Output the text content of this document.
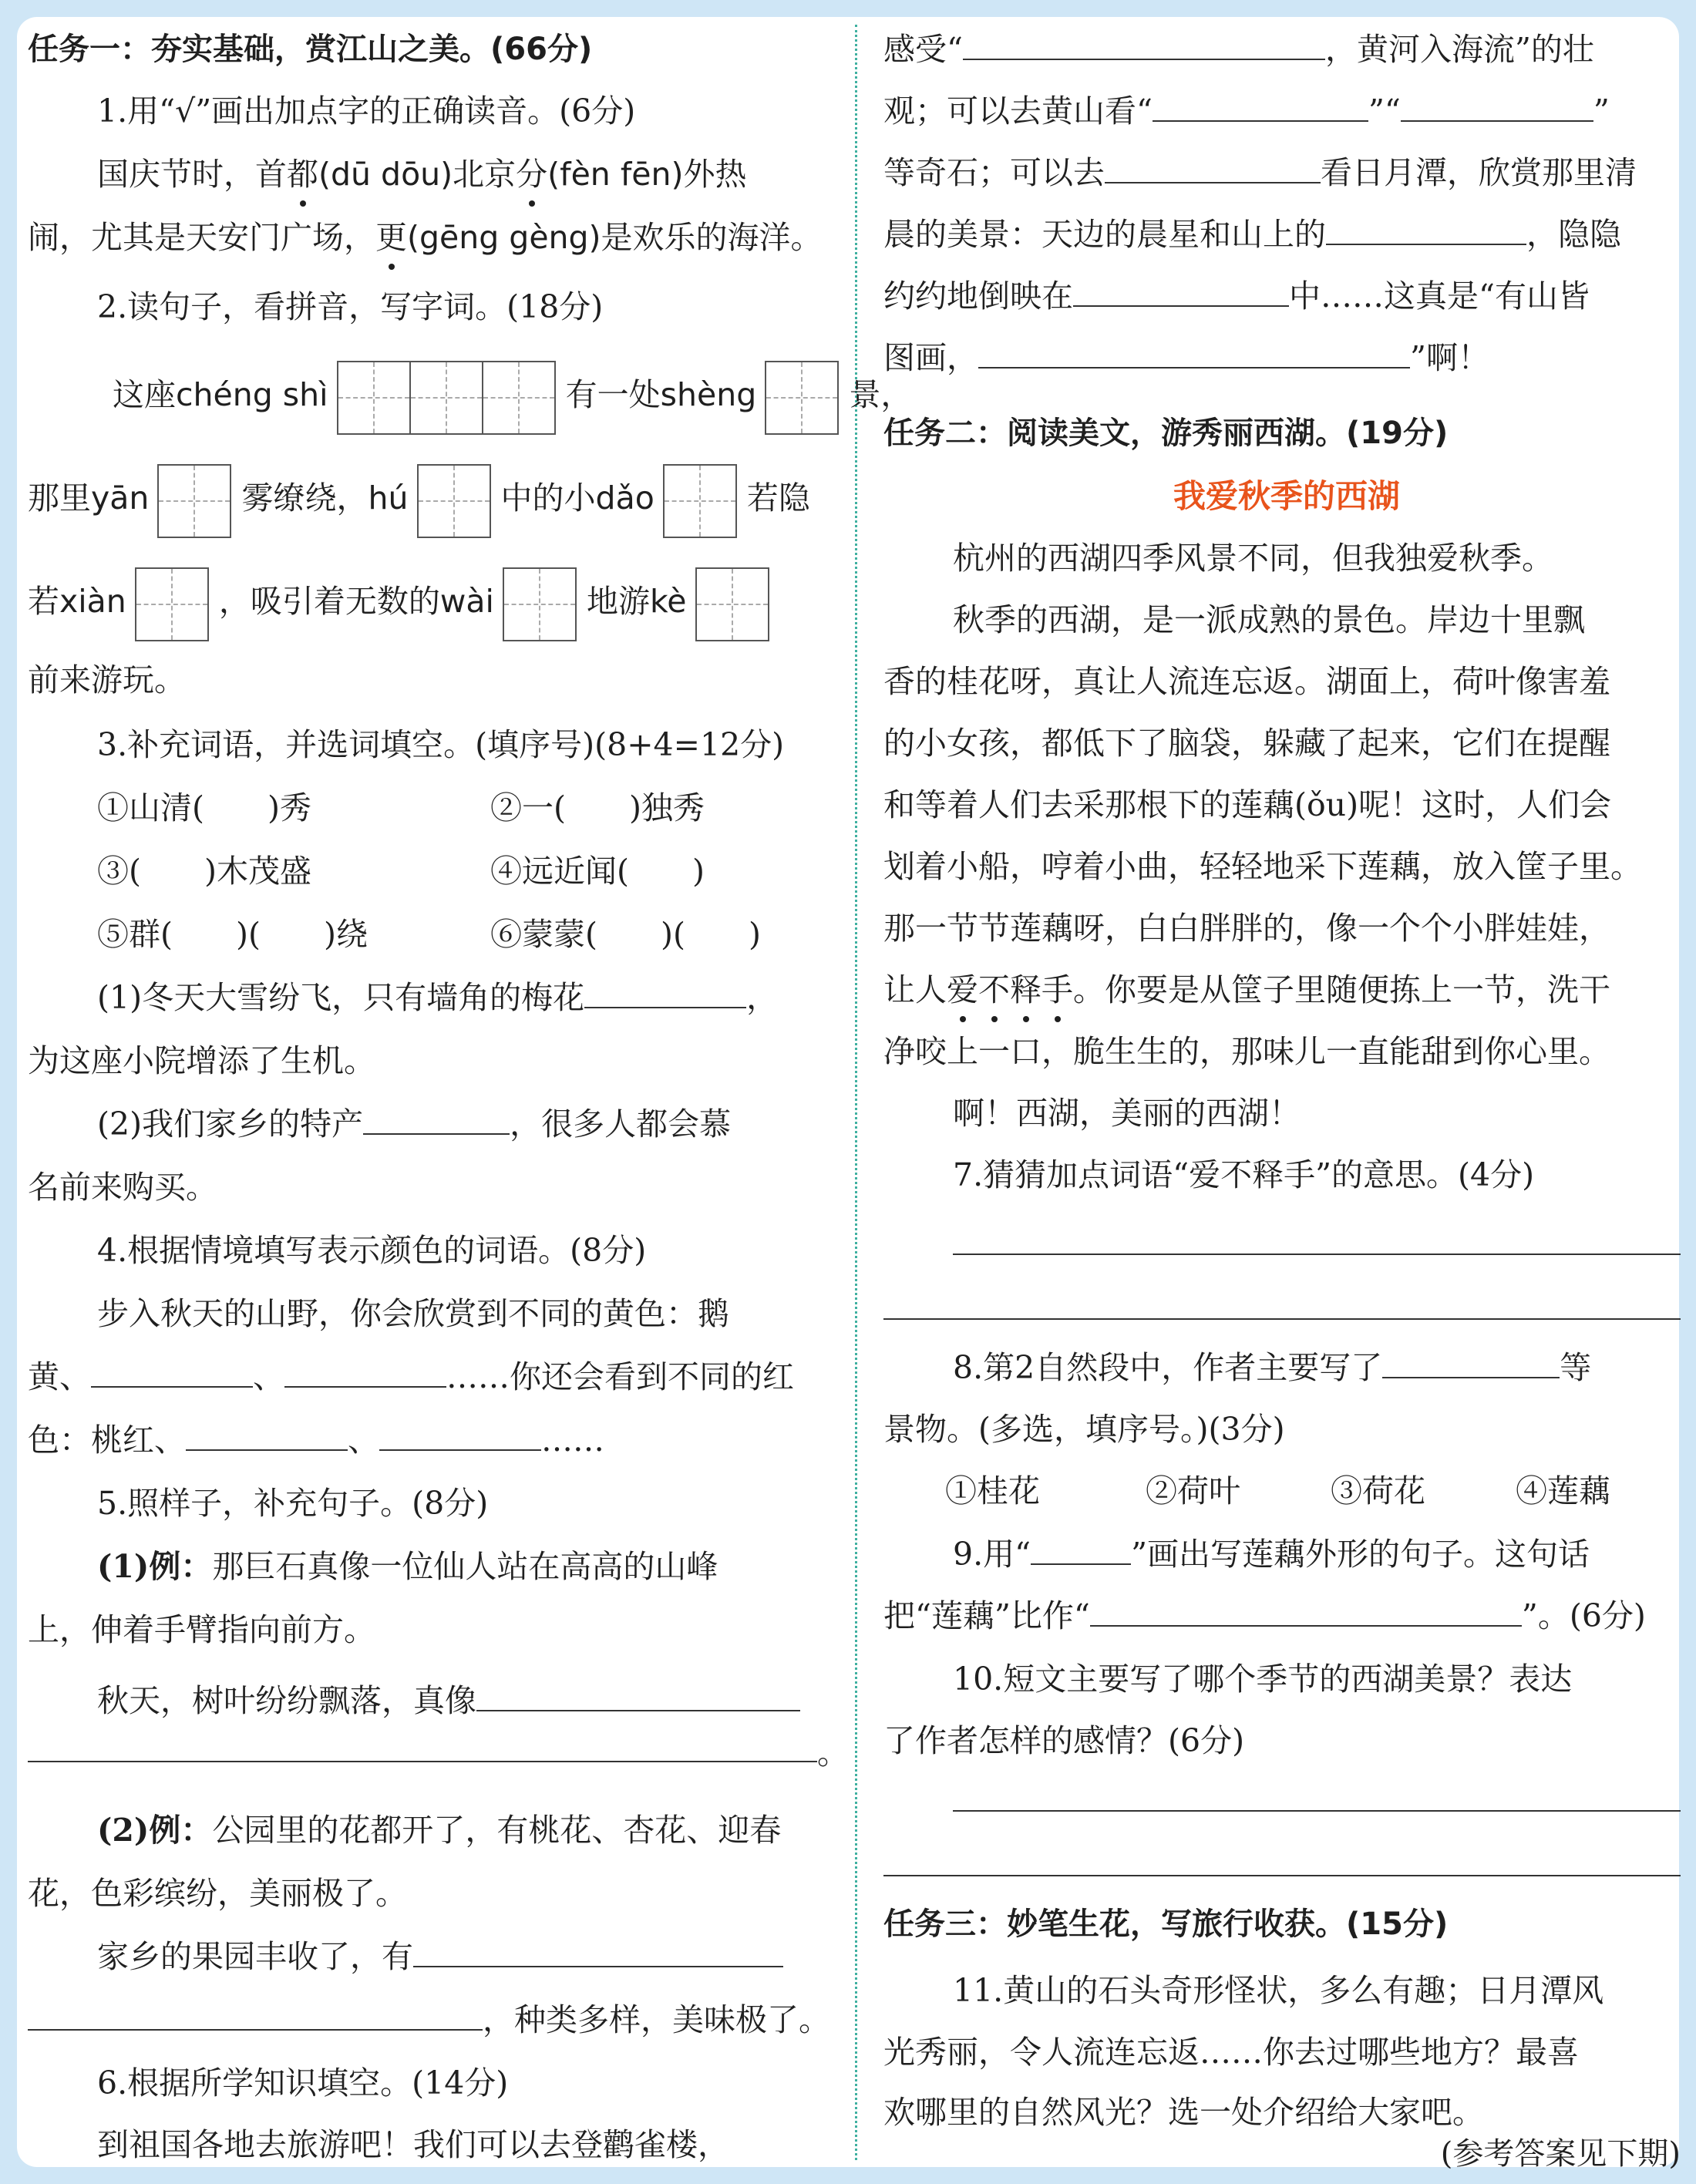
任务一：夯实基础，赏江山之美。(66分)
1.用“√”画出加点字的正确读音。(6分)
国庆节时，首都(dū dōu)北京分(fèn fēn)外热
闹，尤其是天安门广场，更(gēng gèng)是欢乐的海洋。
2.读句子，看拼音，写字词。(18分)
这座chéng shì	有一处shèng	景，
那里yān	雾缭绕，hú	中的小dǎo	若隐
若xiàn	，吸引着无数的wài	地游kè
前来游玩。
3.补充词语，并选词填空。(填序号)(8+4=12分)
①山清(　　)秀	②一(　　)独秀
③(　　)木茂盛	④远近闻(　　)
⑤群(　　)(　　)绕	⑥蒙蒙(　　)(　　)
(1)冬天大雪纷飞，只有墙角的梅花	，
为这座小院增添了生机。
(2)我们家乡的特产	，很多人都会慕
名前来购买。
4.根据情境填写表示颜色的词语。(8分)
步入秋天的山野，你会欣赏到不同的黄色：鹅
黄、	、	……你还会看到不同的红
色：桃红、	、	……
5.照样子，补充句子。(8分)
(1)例：那巨石真像一位仙人站在高高的山峰
上，伸着手臂指向前方。
秋天，树叶纷纷飘落，真像
。
(2)例：公园里的花都开了，有桃花、杏花、迎春
花，色彩缤纷，美丽极了。
家乡的果园丰收了，有
，种类多样，美味极了。
6.根据所学知识填空。(14分)
到祖国各地去旅游吧！我们可以去登鹳雀楼，
感受“	，黄河入海流”的壮
观；可以去黄山看“	”“	”
等奇石；可以去	看日月潭，欣赏那里清
晨的美景：天边的晨星和山上的	，隐隐
约约地倒映在	中……这真是“有山皆
图画，	”啊！
任务二：阅读美文，游秀丽西湖。(19分)
我爱秋季的西湖
杭州的西湖四季风景不同，但我独爱秋季。
秋季的西湖，是一派成熟的景色。岸边十里飘
香的桂花呀，真让人流连忘返。湖面上，荷叶像害羞
的小女孩，都低下了脑袋，躲藏了起来，它们在提醒
和等着人们去采那根下的莲藕(ǒu)呢！这时，人们会
划着小船，哼着小曲，轻轻地采下莲藕，放入筐子里。
那一节节莲藕呀，白白胖胖的，像一个个小胖娃娃，
让人爱不释手。你要是从筐子里随便拣上一节，洗干
净咬上一口，脆生生的，那味儿一直能甜到你心里。
啊！西湖，美丽的西湖！
7.猜猜加点词语“爱不释手”的意思。(4分)
8.第2自然段中，作者主要写了	等
景物。(多选，填序号。)(3分)
①桂花	②荷叶	③荷花	④莲藕
9.用“	”画出写莲藕外形的句子。这句话
把“莲藕”比作“	”。(6分)
10.短文主要写了哪个季节的西湖美景？表达
了作者怎样的感情？(6分)
任务三：妙笔生花，写旅行收获。(15分)
11.黄山的石头奇形怪状，多么有趣；日月潭风
光秀丽，令人流连忘返……你去过哪些地方？最喜
欢哪里的自然风光？选一处介绍给大家吧。
(参考答案见下期)
